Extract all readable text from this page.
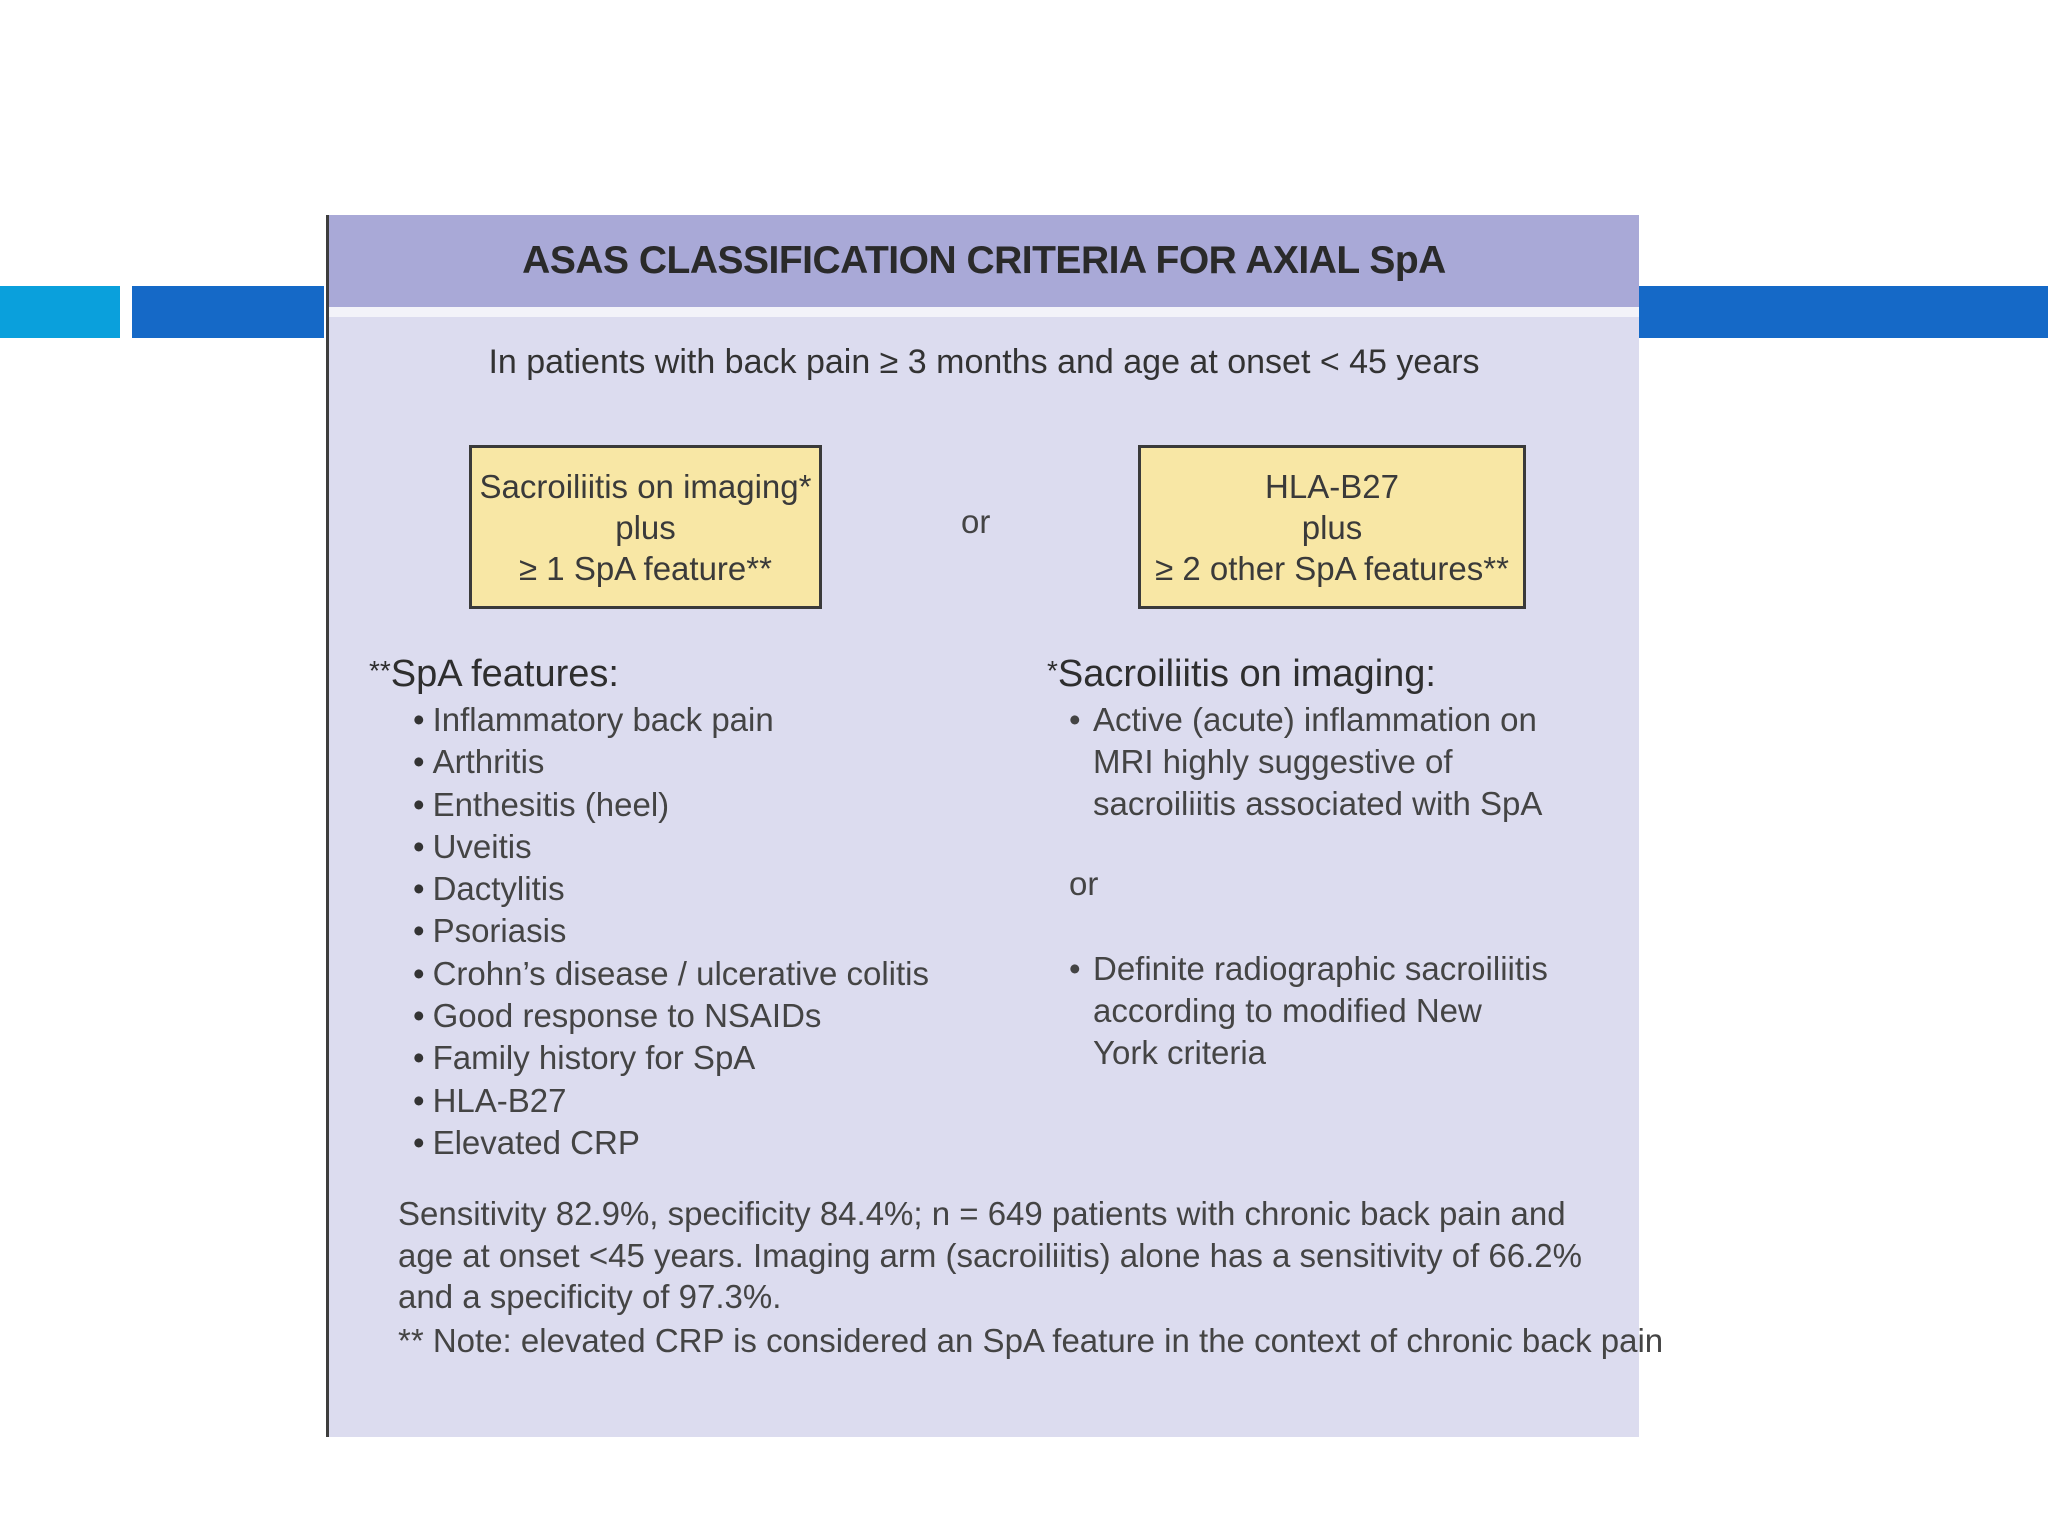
ASAS CLASSIFICATION CRITERIA FOR AXIAL SpA
In patients with back pain ≥ 3 months and age at onset < 45 years
Sacroiliitis on imaging*
plus
≥ 1 SpA feature**
or
HLA-B27
plus
≥ 2 other SpA features**
**SpA features:
• Inflammatory back pain
• Arthritis
• Enthesitis (heel)
• Uveitis
• Dactylitis
• Psoriasis
• Crohn’s disease / ulcerative colitis
• Good response to NSAIDs
• Family history for SpA
• HLA-B27
• Elevated CRP
*Sacroiliitis on imaging:
• Active (acute) inflammation on MRI highly suggestive of sacroiliitis associated with SpA
or
• Definite radiographic sacroiliitis according to modified New York criteria

Sensitivity 82.9%, specificity 84.4%; n = 649 patients with chronic back pain and age at onset <45 years. Imaging arm (sacroiliitis) alone has a sensitivity of 66.2% and a specificity of 97.3%.

** Note: elevated CRP is considered an SpA feature in the context of chronic back pain
